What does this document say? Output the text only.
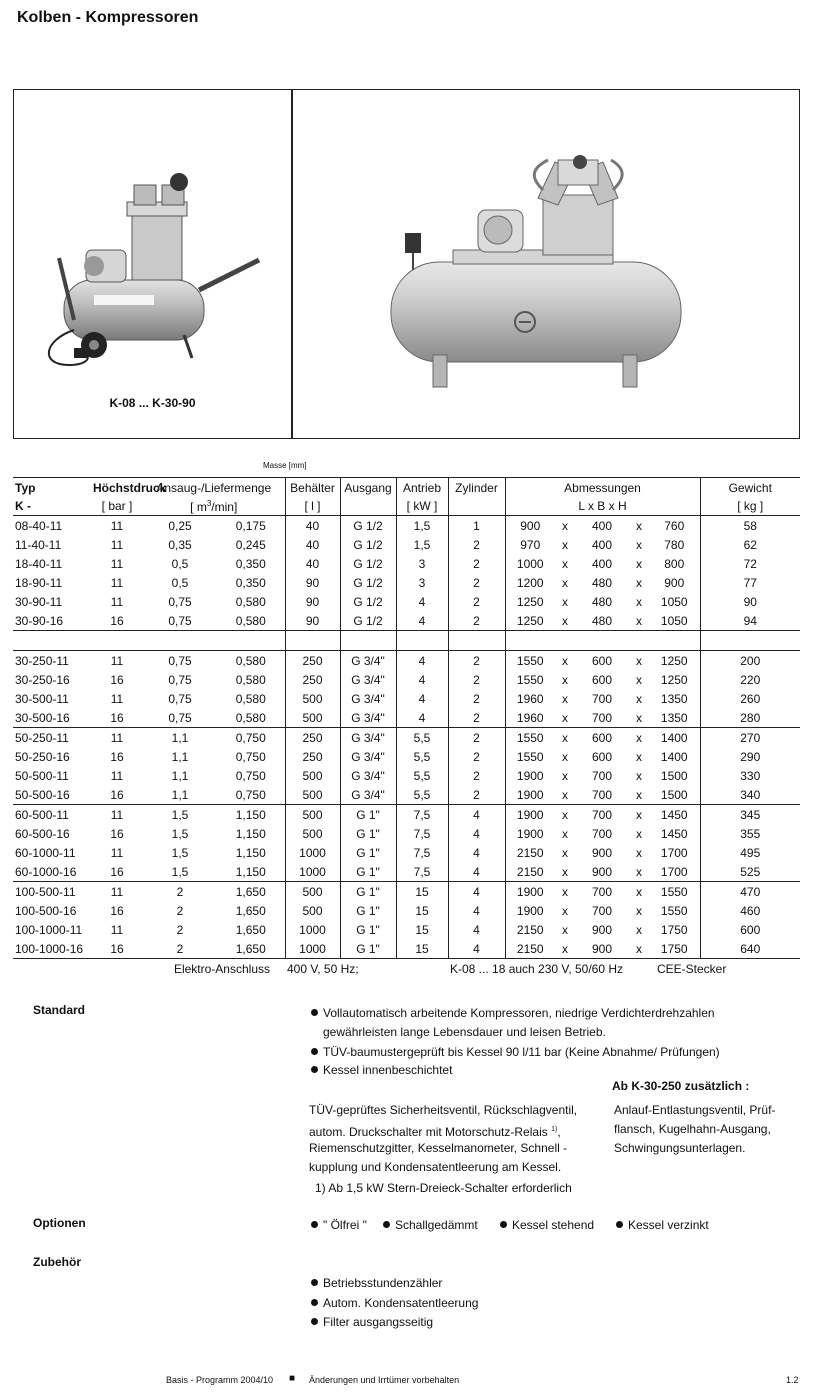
Kolben - Kompressoren
K-08 ... K-30-90
Masse [mm]
Typ	Höchstdruck	Ansaug-/Liefermenge		Behälter	Ausgang	Antrieb	Zylinder	Abmessungen					Gewicht
K -	[ bar ]	[ $m^3/\min$]		[ l ]		[ kW ]		L x B x H					[ kg ]
08-40-11	11	0,25	0,175	40	G 1/2	1,5	1	900	x	400	x	760	58
11-40-11	11	0,35	0,245	40	G 1/2	1,5	2	970	x	400	x	780	62
18-40-11	11	0,5	0,350	40	G 1/2	3	2	1000	x	400	x	800	72
18-90-11	11	0,5	0,350	90	G 1/2	3	2	1200	x	480	x	900	77
30-90-11	11	0,75	0,580	90	G 1/2	4	2	1250	x	480	x	1050	90
30-90-16	16	0,75	0,580	90	G 1/2	4	2	1250	x	480	x	1050	94

30-250-11	11	0,75	0,580	250	G 3/4"	4	2	1550	x	600	x	1250	200
30-250-16	16	0,75	0,580	250	G 3/4"	4	2	1550	x	600	x	1250	220
30-500-11	11	0,75	0,580	500	G 3/4"	4	2	1960	x	700	x	1350	260
30-500-16	16	0,75	0,580	500	G 3/4"	4	2	1960	x	700	x	1350	280
50-250-11	11	1,1	0,750	250	G 3/4"	5,5	2	1550	x	600	x	1400	270
50-250-16	16	1,1	0,750	250	G 3/4"	5,5	2	1550	x	600	x	1400	290
50-500-11	11	1,1	0,750	500	G 3/4"	5,5	2	1900	x	700	x	1500	330
50-500-16	16	1,1	0,750	500	G 3/4"	5,5	2	1900	x	700	x	1500	340
60-500-11	11	1,5	1,150	500	G 1"	7,5	4	1900	x	700	x	1450	345
60-500-16	16	1,5	1,150	500	G 1"	7,5	4	1900	x	700	x	1450	355
60-1000-11	11	1,5	1,150	1000	G 1"	7,5	4	2150	x	900	x	1700	495
60-1000-16	16	1,5	1,150	1000	G 1"	7,5	4	2150	x	900	x	1700	525
100-500-11	11	2	1,650	500	G 1"	15	4	1900	x	700	x	1550	470
100-500-16	16	2	1,650	500	G 1"	15	4	1900	x	700	x	1550	460
100-1000-11	11	2	1,650	1000	G 1"	15	4	2150	x	900	x	1750	600
100-1000-16	16	2	1,650	1000	G 1"	15	4	2150	x	900	x	1750	640
Elektro-Anschluss				400 V, 50 Hz;			K-08 ... 18 auch 230 V, 50/60 Hz					CEE-Stecker	
Standard	Vollautomatisch arbeitende Kompressoren, niedrige Verdichterdrehzahlen
gewährleisten lange Lebensdauer und leisen Betrieb.
TÜV-baumustergeprüft bis Kessel 90 l/11 bar (Keine Abnahme/ Prüfungen)
Kessel innenbeschichtet
Ab K-30-250 zusätzlich :
TÜV-geprüftes Sicherheitsventil, Rückschlagventil,
autom. Druckschalter mit Motorschutz-Relais $^{1)}$,
Riemenschutzgitter, Kesselmanometer, Schnell -
kupplung und Kondensatentleerung am Kessel.
1) Ab 1,5 kW Stern-Dreieck-Schalter erforderlich
Anlauf-Entlastungsventil, Prüf-
flansch, Kugelhahn-Ausgang,
Schwingungsunterlagen.
Optionen	" Ölfrei "	Schallgedämmt	Kessel stehend	Kessel verzinkt
Zubehör
Betriebsstundenzähler
Autom. Kondensatentleerung
Filter ausgangsseitig
Basis - Programm 2004/10 ■ Änderungen und Irrtümer vorbehalten	1.2
